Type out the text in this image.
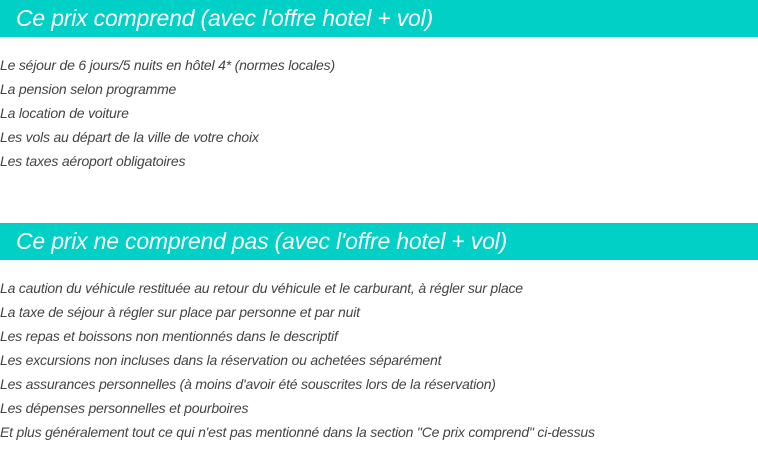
Ce prix comprend (avec l'offre hotel + vol)
Le séjour de 6 jours/5 nuits en hôtel 4* (normes locales)
La pension selon programme
La location de voiture
Les vols au départ de la ville de votre choix
Les taxes aéroport obligatoires
Ce prix ne comprend pas (avec l'offre hotel + vol)
La caution du véhicule restituée au retour du véhicule et le carburant, à régler sur place
La taxe de séjour à régler sur place par personne et par nuit
Les repas et boissons non mentionnés dans le descriptif
Les excursions non incluses dans la réservation ou achetées séparément
Les assurances personnelles (à moins d'avoir été souscrites lors de la réservation)
Les dépenses personnelles et pourboires
Et plus généralement tout ce qui n'est pas mentionné dans la section "Ce prix comprend" ci-dessus
